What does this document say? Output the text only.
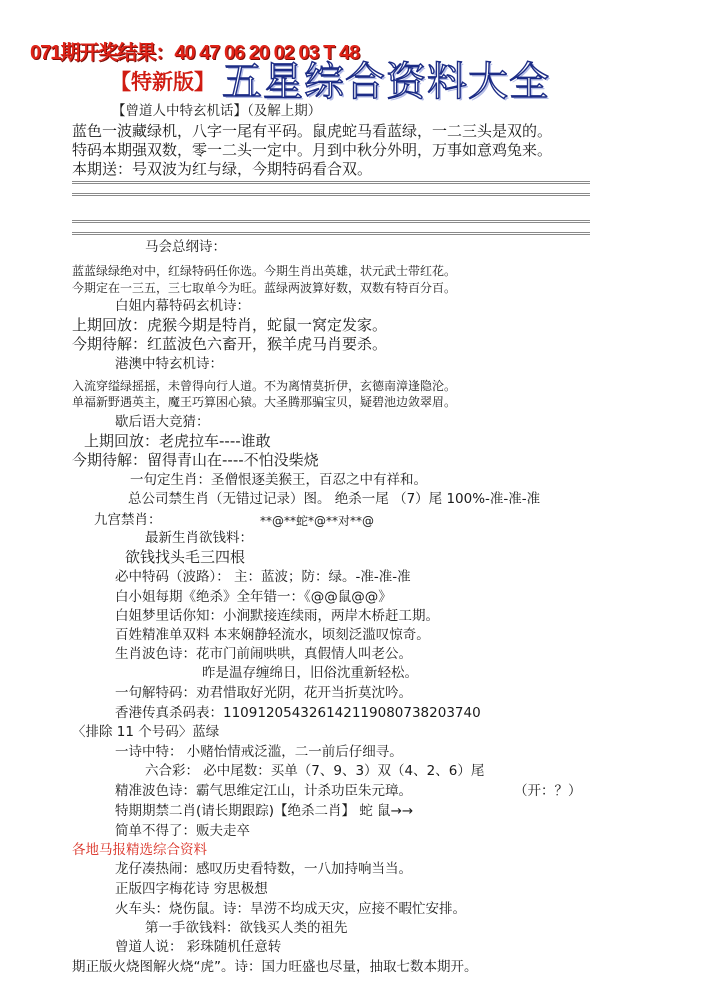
071期开奖结果：40 47 06 20 02 03 T 48
【特新版】 五星综合资料大全
【曾道人中特玄机话】（及解上期）
蓝色一波藏绿机，八字一尾有平码。鼠虎蛇马看蓝绿，一二三头是双的。
特码本期强双数，零一二头一定中。月到中秋分外明，万事如意鸡兔来。
本期送：号双波为红与绿，今期特码看合双。
马会总纲诗：
蓝蓝绿绿绝对中，红绿特码任你选。今期生肖出英雄，状元武士带红花。
今期定在一三五，三七取单今为旺。蓝绿两波算好数，双数有特百分百。
白姐内幕特码玄机诗：
上期回放：虎猴今期是特肖，蛇鼠一窝定发家。
今期待解：红蓝波色六畜开，猴羊虎马肖要杀。
港澳中特玄机诗：
入流穿缢绿摇摇，未曾得向行人道。不为离情莫折伊，玄德南漳逢隐沦。
单福新野遇英主，魔王巧算困心猿。大圣腾那骗宝贝，疑碧池边敛翠眉。
歇后语大竞猜：
上期回放：老虎拉车----谁敢
今期待解：留得青山在----不怕没柴烧
一句定生肖：圣僧恨逐美猴王，百忍之中有祥和。
总公司禁生肖（无错过记录）图。 绝杀一尾 （7）尾 100%-准-准-准
九宫禁肖：	**@**蛇*@**对**@
最新生肖欲钱料：
欲钱找头毛三四根
必中特码（波路）： 主：蓝波；防：绿。-准-准-准
白小姐每期《绝杀》全年错一：《@@鼠@@》
白姐梦里话你知：小涧默接连续雨，两岸木桥赶工期。
百姓精准单双料 本来娴静轻流水，顷刻泛滥叹惊奇。
生肖波色诗：花市门前闹哄哄，真假情人叫老公。
昨是温存缠绵日，旧俗沈重新轻松。
一句解特码：劝君惜取好光阴，花开当折莫沈吟。
香港传真杀码表：110912054326142119080738203740
〈排除 11 个号码〉蓝绿
一诗中特： 小赌怡情戒泛滥，二一前后仔细寻。
六合彩： 必中尾数：买单（7、9、3）双（4、2、6）尾
精准波色诗：霸气思维定江山，计杀功臣朱元璋。	（开：？）
特期期禁二肖(请长期跟踪)【绝杀二肖】 蛇 鼠→→
简单不得了：贩夫走卒
各地马报精选综合资料
龙仔凑热闹：感叹历史看特数，一八加持响当当。
正版四字梅花诗 穷思极想
火车头：烧伤鼠。诗：旱涝不均成天灾，应接不暇忙安排。
第一手欲钱料：欲钱买人类的祖先
曾道人说： 彩珠随机任意转
期正版火烧图解火烧“虎”。诗：国力旺盛也尽量，抽取七数本期开。
